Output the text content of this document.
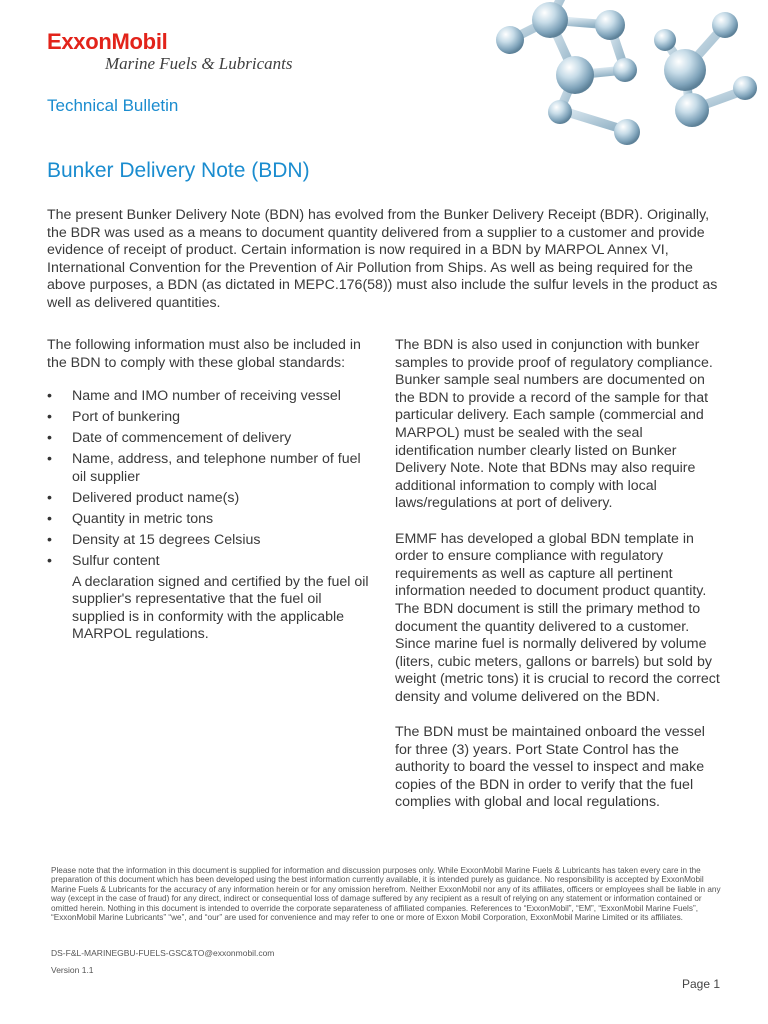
ExxonMobil
Marine Fuels & Lubricants
Technical Bulletin
Bunker Delivery Note (BDN)

The present Bunker Delivery Note (BDN) has evolved from the Bunker Delivery Receipt (BDR). Originally, the BDR was used as a means to document quantity delivered from a supplier to a customer and provide evidence of receipt of product. Certain information is now required in a BDN by MARPOL Annex VI, International Convention for the Prevention of Air Pollution from Ships. As well as being required for the above purposes, a BDN (as dictated in MEPC.176(58)) must also include the sulfur levels in the product as well as delivered quantities.

The following information must also be included in the BDN to comply with these global standards:

• Name and IMO number of receiving vessel
• Port of bunkering
• Date of commencement of delivery
• Name, address, and telephone number of fuel oil supplier
• Delivered product name(s)
• Quantity in metric tons
• Density at 15 degrees Celsius
• Sulfur content

A declaration signed and certified by the fuel oil supplier's representative that the fuel oil supplied is in conformity with the applicable MARPOL regulations.

The BDN is also used in conjunction with bunker samples to provide proof of regulatory compliance. Bunker sample seal numbers are documented on the BDN to provide a record of the sample for that particular delivery. Each sample (commercial and MARPOL) must be sealed with the seal identification number clearly listed on Bunker Delivery Note. Note that BDNs may also require additional information to comply with local laws/regulations at port of delivery.

EMMF has developed a global BDN template in order to ensure compliance with regulatory requirements as well as capture all pertinent information needed to document product quantity. The BDN document is still the primary method to document the quantity delivered to a customer. Since marine fuel is normally delivered by volume (liters, cubic meters, gallons or barrels) but sold by weight (metric tons) it is crucial to record the correct density and volume delivered on the BDN.

The BDN must be maintained onboard the vessel for three (3) years. Port State Control has the authority to board the vessel to inspect and make copies of the BDN in order to verify that the fuel complies with global and local regulations.

Please note that the information in this document is supplied for information and discussion purposes only. While ExxonMobil Marine Fuels & Lubricants has taken every care in the preparation of this document which has been developed using the best information currently available, it is intended purely as guidance. No responsibility is accepted by ExxonMobil Marine Fuels & Lubricants for the accuracy of any information herein or for any omission herefrom. Neither ExxonMobil nor any of its affiliates, officers or employees shall be liable in any way (except in the case of fraud) for any direct, indirect or consequential loss of damage suffered by any recipient as a result of relying on any statement or information contained or omitted herein. Nothing in this document is intended to override the corporate separateness of affiliated companies. References to “ExxonMobil”, “EM”, “ExxonMobil Marine Fuels”, “ExxonMobil Marine Lubricants” “we”, and “our” are used for convenience and may refer to one or more of Exxon Mobil Corporation, ExxonMobil Marine Limited or its affiliates.

DS-F&L-MARINEGBU-FUELS-GSC&TO@exxonmobil.com
Version 1.1
Page 1
